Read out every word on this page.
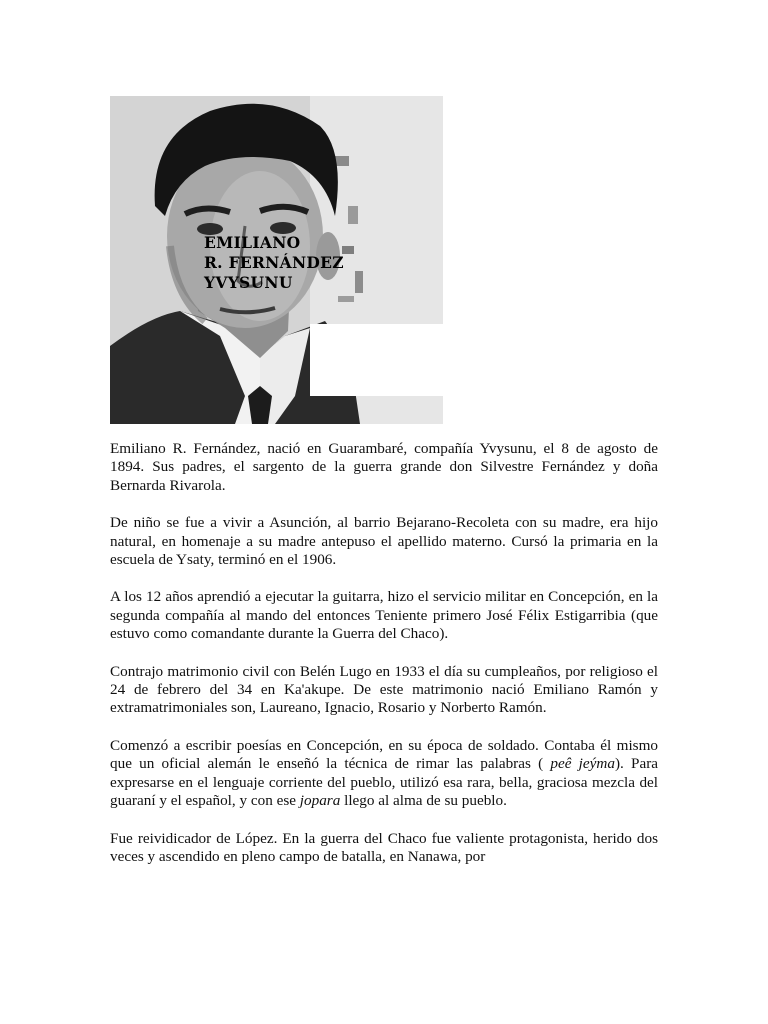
EMILIANO
R. FERNÁNDEZ
YVYSUNU

Emiliano R. Fernández, nació en Guarambaré, compañía Yvysunu, el 8 de agosto de 1894. Sus padres, el sargento de la guerra grande don Silvestre Fernández y doña Bernarda Rivarola.

De niño se fue a vivir a Asunción, al barrio Bejarano-Recoleta con su madre, era hijo natural, en homenaje a su madre antepuso el apellido materno. Cursó la primaria en la escuela de Ysaty, terminó en el 1906.

A los 12 años aprendió a ejecutar la guitarra, hizo el servicio militar en Concepción, en la segunda compañía al mando del entonces Teniente primero José Félix Estigarribia (que estuvo como comandante durante la Guerra del Chaco).

Contrajo matrimonio civil con Belén Lugo en 1933 el día su cumpleaños, por religioso el 24 de febrero del 34 en Ka'akupe. De este matrimonio nació Emiliano Ramón y extramatrimoniales son, Laureano, Ignacio, Rosario y Norberto Ramón.

Comenzó a escribir poesías en Concepción, en su época de soldado. Contaba él mismo que un oficial alemán le enseñó la técnica de rimar las palabras ( peê jeýma). Para expresarse en el lenguaje corriente del pueblo, utilizó esa rara, bella, graciosa mezcla del guaraní y el español, y con ese jopara llego al alma de su pueblo.

Fue reividicador de López. En la guerra del Chaco fue valiente protagonista, herido dos veces y ascendido en pleno campo de batalla, en Nanawa, por
